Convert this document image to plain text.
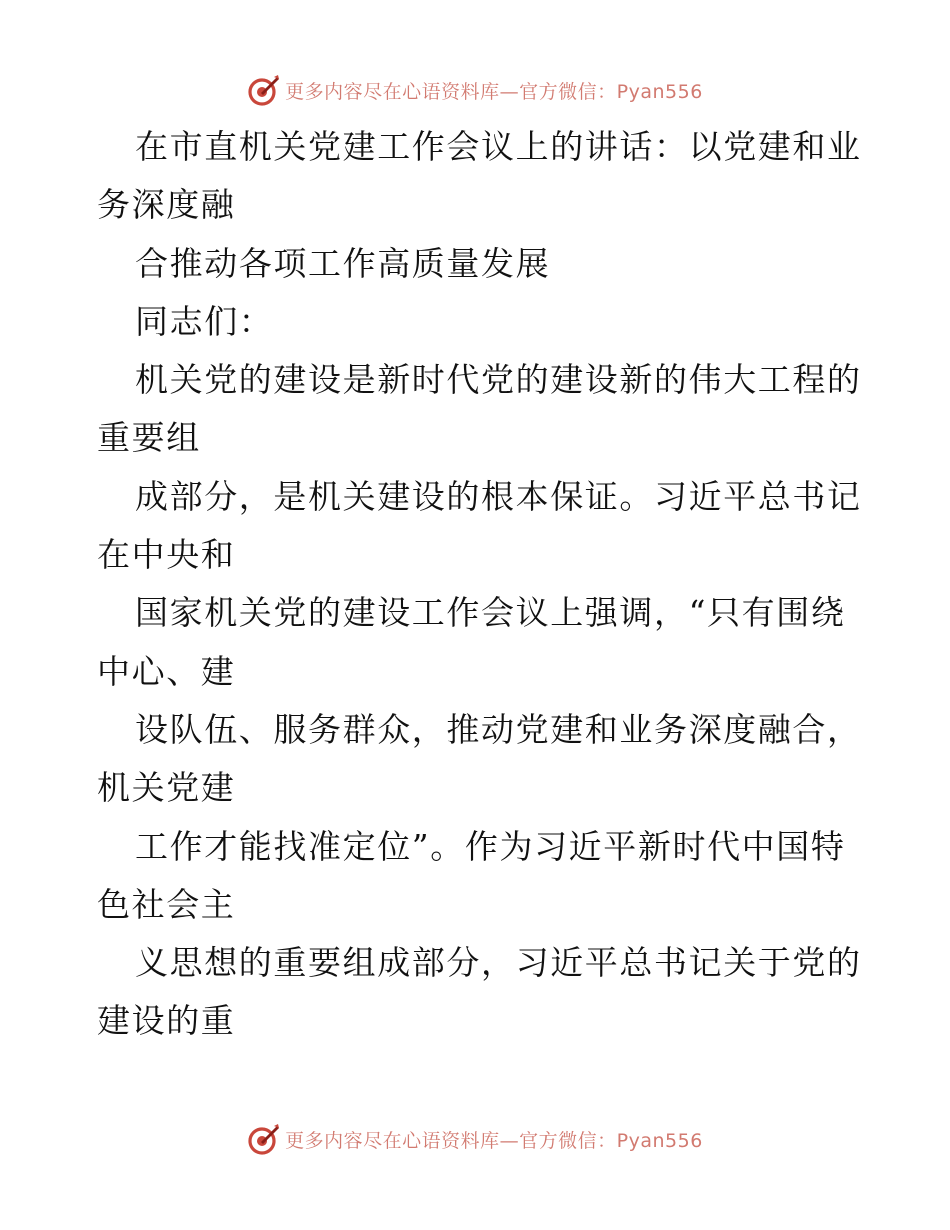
更多内容尽在心语资料库—官方微信：Pyan556
在市直机关党建工作会议上的讲话：以党建和业
务深度融
合推动各项工作高质量发展
同志们：
机关党的建设是新时代党的建设新的伟大工程的
重要组
成部分，是机关建设的根本保证。习近平总书记
在中央和
国家机关党的建设工作会议上强调，“只有围绕
中心、建
设队伍、服务群众，推动党建和业务深度融合，
机关党建
工作才能找准定位”。作为习近平新时代中国特
色社会主
义思想的重要组成部分，习近平总书记关于党的
建设的重
更多内容尽在心语资料库—官方微信：Pyan556
